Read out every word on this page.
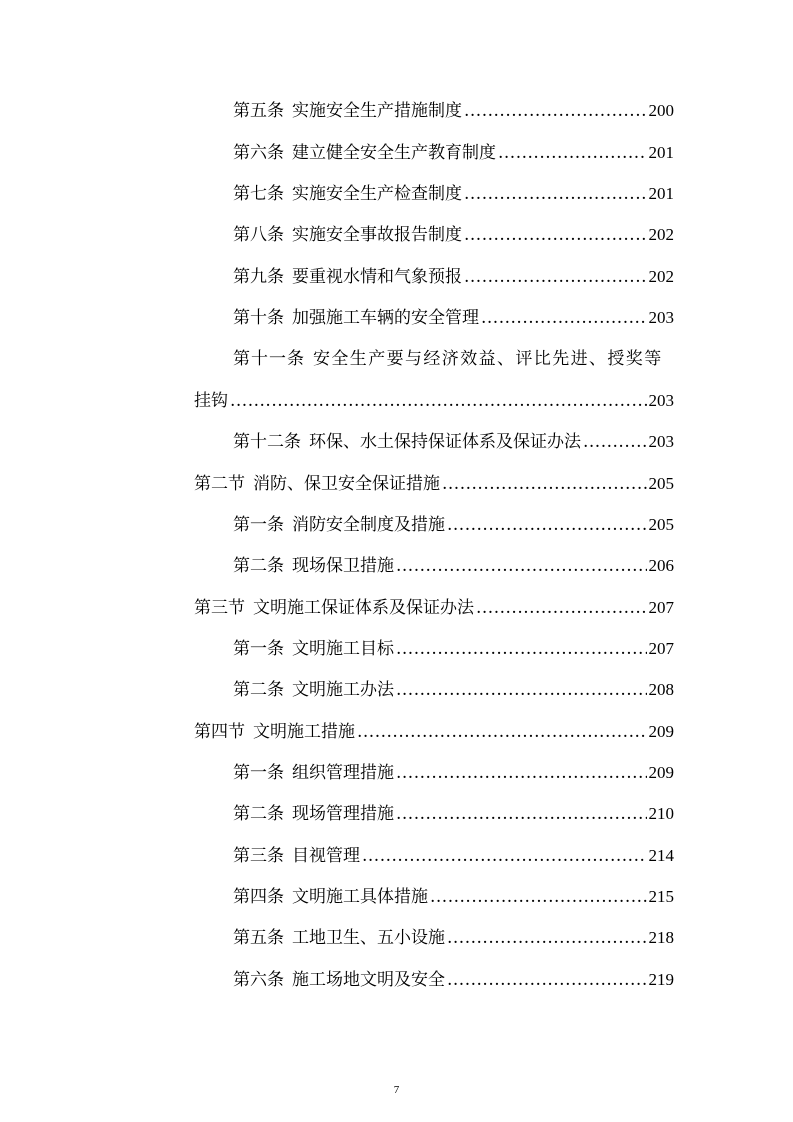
第五条 实施安全生产措施制度 .....	200
第六条 建立健全安全生产教育制度 .....	201
第七条 实施安全生产检查制度 .....	201
第八条 实施安全事故报告制度 .....	202
第九条 要重视水情和气象预报 .....	202
第十条 加强施工车辆的安全管理 .....	203
第十一条 安全生产要与经济效益、评比先进、授奖等
挂钩 .....	203
第十二条 环保、水土保持保证体系及保证办法 .....	203
第二节 消防、保卫安全保证措施 .....	205
第一条 消防安全制度及措施 .....	205
第二条 现场保卫措施 .....	206
第三节 文明施工保证体系及保证办法 .....	207
第一条 文明施工目标 .....	207
第二条 文明施工办法 .....	208
第四节 文明施工措施 .....	209
第一条 组织管理措施 .....	209
第二条 现场管理措施 .....	210
第三条 目视管理 .....	214
第四条 文明施工具体措施 .....	215
第五条 工地卫生、五小设施 .....	218
第六条 施工场地文明及安全 .....	219
7
